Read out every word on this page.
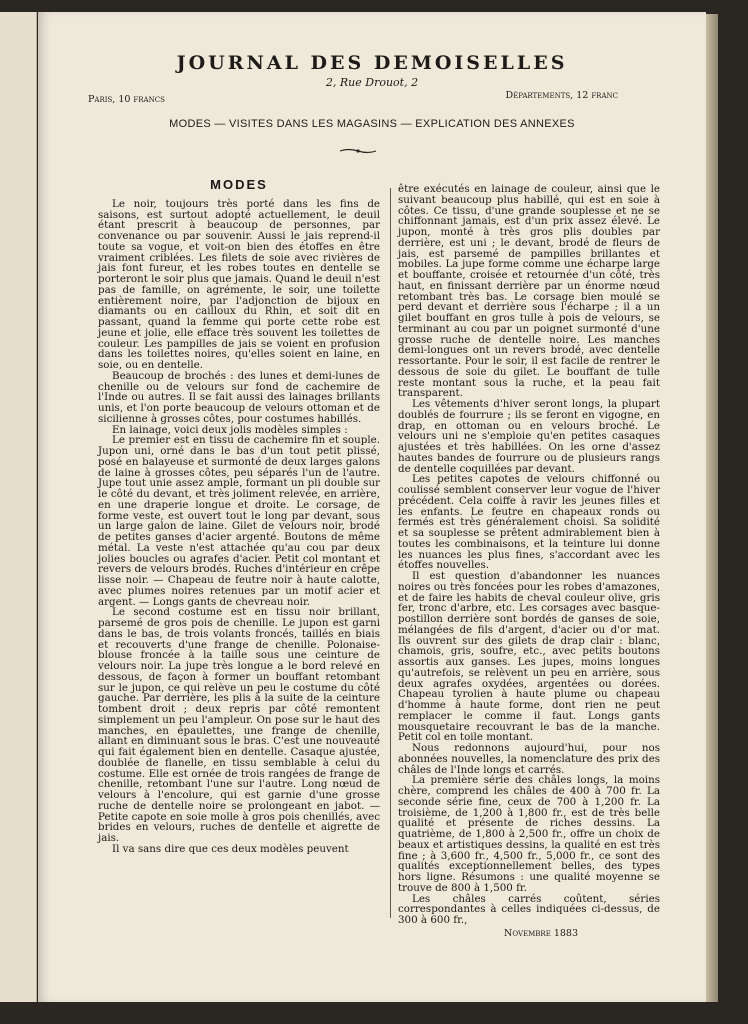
JOURNAL DES DEMOISELLES
2, Rue Drouot, 2
Paris, 10 francs	Départements, 12 franc
MODES — VISITES DANS LES MAGASINS — EXPLICATION DES ANNEXES
MODES

Le noir, toujours très porté dans les fins de saisons, est surtout adopté actuellement, le deuil étant prescrit à beaucoup de personnes, par convenance ou par souvenir. Aussi le jais reprend-il toute sa vogue, et voit-on bien des étoffes en être vraiment criblées. Les filets de soie avec rivières de jais font fureur, et les robes toutes en dentelle se porteront le soir plus que jamais. Quand le deuil n'est pas de famille, on agrémente, le soir, une toilette entièrement noire, par l'adjonction de bijoux en diamants ou en cailloux du Rhin, et soit dit en passant, quand la femme qui porte cette robe est jeune et jolie, elle efface très souvent les toilettes de couleur. Les pampilles de jais se voient en profusion dans les toilettes noires, qu'elles soient en laine, en soie, ou en dentelle.

Beaucoup de brochés : des lunes et demi-lunes de chenille ou de velours sur fond de cachemire de l'Inde ou autres. Il se fait aussi des lainages brillants unis, et l'on porte beaucoup de velours ottoman et de sicilienne à grosses côtes, pour costumes habillés.

En lainage, voici deux jolis modèles simples :

Le premier est en tissu de cachemire fin et souple. Jupon uni, orné dans le bas d'un tout petit plissé, posé en balayeuse et surmonté de deux larges galons de laine à grosses côtes, peu séparés l'un de l'autre. Jupe tout unie assez ample, formant un pli double sur le côté du devant, et très joliment relevée, en arrière, en une draperie longue et droite. Le corsage, de forme veste, est ouvert tout le long par devant, sous un large galon de laine. Gilet de velours noir, brodé de petites ganses d'acier argenté. Boutons de même métal. La veste n'est attachée qu'au cou par deux jolies boucles ou agrafes d'acier. Petit col montant et revers de velours brodés. Ruches d'intérieur en crêpe lisse noir. — Chapeau de feutre noir à haute calotte, avec plumes noires retenues par un motif acier et argent. — Longs gants de chevreau noir.

Le second costume est en tissu noir brillant, parsemé de gros pois de chenille. Le jupon est garni dans le bas, de trois volants froncés, taillés en biais et recouverts d'une frange de chenille. Polonaise-blouse froncée à la taille sous une ceinture de velours noir. La jupe très longue a le bord relevé en dessous, de façon à former un bouffant retombant sur le jupon, ce qui relève un peu le costume du côté gauche. Par derrière, les plis à la suite de la ceinture tombent droit ; deux repris par côté remontent simplement un peu l'ampleur. On pose sur le haut des manches, en épaulettes, une frange de chenille, allant en diminuant sous le bras. C'est une nouveauté qui fait également bien en dentelle. Casaque ajustée, doublée de flanelle, en tissu semblable à celui du costume. Elle est ornée de trois rangées de frange de chenille, retombant l'une sur l'autre. Long nœud de velours à l'encolure, qui est garnie d'une grosse ruche de dentelle noire se prolongeant en jabot. — Petite capote en soie molle à gros pois chenillés, avec brides en velours, ruches de dentelle et aigrette de jais.

Il va sans dire que ces deux modèles peuvent

être exécutés en lainage de couleur, ainsi que le suivant beaucoup plus habillé, qui est en soie à côtes. Ce tissu, d'une grande souplesse et ne se chiffonnant jamais, est d'un prix assez élevé. Le jupon, monté à très gros plis doubles par derrière, est uni ; le devant, brodé de fleurs de jais, est parsemé de pampilles brillantes et mobiles. La jupe forme comme une écharpe large et bouffante, croisée et retournée d'un côté, très haut, en finissant derrière par un énorme nœud retombant très bas. Le corsage bien moulé se perd devant et derrière sous l'écharpe ; il a un gilet bouffant en gros tulle à pois de velours, se terminant au cou par un poignet surmonté d'une grosse ruche de dentelle noire. Les manches demi-longues ont un revers brodé, avec dentelle ressortante. Pour le soir, il est facile de rentrer le dessous de soie du gilet. Le bouffant de tulle reste montant sous la ruche, et la peau fait transparent.

Les vêtements d'hiver seront longs, la plupart doublés de fourrure ; ils se feront en vigogne, en drap, en ottoman ou en velours broché. Le velours uni ne s'emploie qu'en petites casaques ajustées et très habillées. On les orne d'assez hautes bandes de fourrure ou de plusieurs rangs de dentelle coquillées par devant.

Les petites capotes de velours chiffonné ou coulissé semblent conserver leur vogue de l'hiver précédent. Cela coiffe à ravir les jeunes filles et les enfants. Le feutre en chapeaux ronds ou fermés est très généralement choisi. Sa solidité et sa souplesse se prêtent admirablement bien à toutes les combinaisons, et la teinture lui donne les nuances les plus fines, s'accordant avec les étoffes nouvelles.

Il est question d'abandonner les nuances noires ou très foncées pour les robes d'amazones, et de faire les habits de cheval couleur olive, gris fer, tronc d'arbre, etc. Les corsages avec basque-postillon derrière sont bordés de ganses de soie, mélangées de fils d'argent, d'acier ou d'or mat. Ils ouvrent sur des gilets de drap clair : blanc, chamois, gris, soufre, etc., avec petits boutons assortis aux ganses. Les jupes, moins longues qu'autrefois, se relèvent un peu en arrière, sous deux agrafes oxydées, argentées ou dorées. Chapeau tyrolien à haute plume ou chapeau d'homme à haute forme, dont rien ne peut remplacer le comme il faut. Longs gants mousquetaire recouvrant le bas de la manche. Petit col en toile montant.

Nous redonnons aujourd'hui, pour nos abonnées nouvelles, la nomenclature des prix des châles de l'Inde longs et carrés.

La première série des châles longs, la moins chère, comprend les châles de 400 à 700 fr. La seconde série fine, ceux de 700 à 1,200 fr. La troisième, de 1,200 à 1,800 fr., est de très belle qualité et présente de riches dessins. La quatrième, de 1,800 à 2,500 fr., offre un choix de beaux et artistiques dessins, la qualité en est très fine ; à 3,600 fr., 4,500 fr., 5,000 fr., ce sont des qualités exceptionnellement belles, des types hors ligne. Résumons : une qualité moyenne se trouve de 800 à 1,500 fr.

Les châles carrés coûtent, séries correspondantes à celles indiquées ci-dessus, de 300 à 600 fr.,

Novembre 1883
